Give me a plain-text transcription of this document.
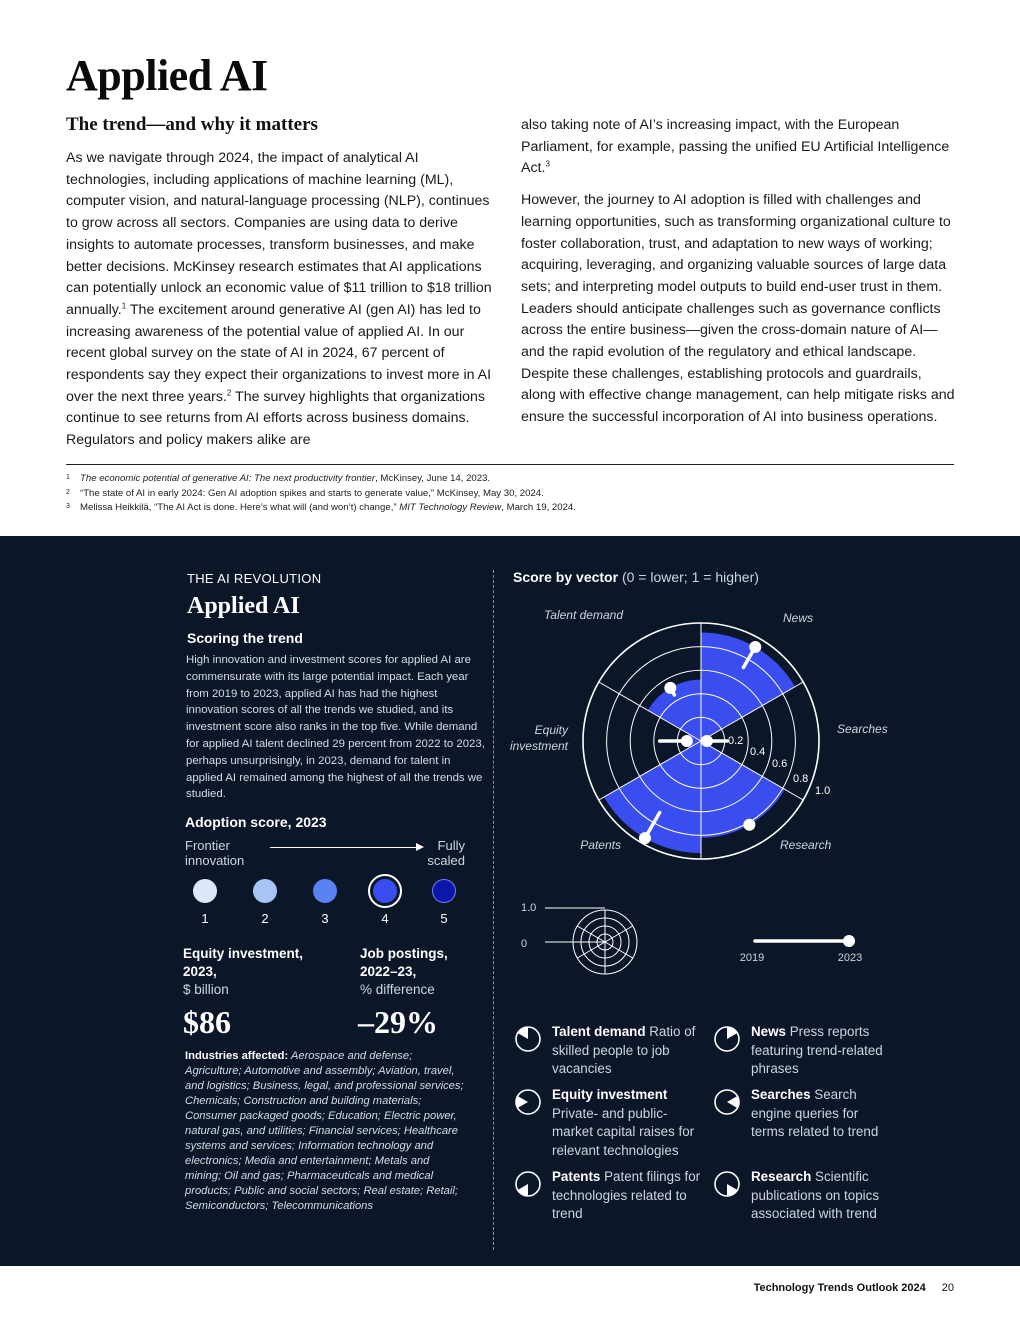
Applied AI
The trend—and why it matters

As we navigate through 2024, the impact of analytical AI technologies, including applications of machine learning (ML), computer vision, and natural-language processing (NLP), continues to grow across all sectors. Companies are using data to derive insights to automate processes, transform businesses, and make better decisions. McKinsey research estimates that AI applications can potentially unlock an economic value of $11 trillion to $18 trillion annually.$^1$ The excitement around generative AI (gen AI) has led to increasing awareness of the potential value of applied AI. In our recent global survey on the state of AI in 2024, 67 percent of respondents say they expect their organizations to invest more in AI over the next three years.$^2$ The survey highlights that organizations continue to see returns from AI efforts across business domains. Regulators and policy makers alike are

also taking note of AI’s increasing impact, with the European Parliament, for example, passing the unified EU Artificial Intelligence Act.$^3$

However, the journey to AI adoption is filled with challenges and learning opportunities, such as transforming organizational culture to foster collaboration, trust, and adaptation to new ways of working; acquiring, leveraging, and organizing valuable sources of large data sets; and interpreting model outputs to build end-user trust in them. Leaders should anticipate challenges such as governance conflicts across the entire business—given the cross-domain nature of AI—and the rapid evolution of the regulatory and ethical landscape. Despite these challenges, establishing protocols and guardrails, along with effective change management, can help mitigate risks and ensure the successful incorporation of AI into business operations.

1	The economic potential of generative AI: The next productivity frontier, McKinsey, June 14, 2023.
2	“The state of AI in early 2024: Gen AI adoption spikes and starts to generate value,” McKinsey, May 30, 2024.
3	Melissa Heikkilä, “The AI Act is done. Here’s what will (and won’t) change,” MIT Technology Review, March 19, 2024.
THE AI REVOLUTION
Applied AI
Scoring the trend
High innovation and investment scores for applied AI are commensurate with its large potential impact. Each year from 2019 to 2023, applied AI has had the highest innovation scores of all the trends we studied, and its investment score also ranks in the top five. While demand for applied AI talent declined 29 percent from 2022 to 2023, perhaps unsurprisingly, in 2023, demand for talent in applied AI remained among the highest of all the trends we studied.
Adoption score, 2023
Frontier
innovation
Fully
scaled
1	2	3	4	5
Equity investment,
2023,
$ billion
$86
Job postings,
2022–23,
% difference
–29%
Industries affected: Aerospace and defense; Agriculture; Automotive and assembly; Aviation, travel, and logistics; Business, legal, and professional services; Chemicals; Construction and building materials; Consumer packaged goods; Education; Electric power, natural gas, and utilities; Financial services; Healthcare systems and services; Information technology and electronics; Media and entertainment; Metals and mining; Oil and gas; Pharmaceuticals and medical products; Public and social sectors; Real estate; Retail; Semiconductors; Telecommunications
Score by vector (0 = lower; 1 = higher)
0.2
0.4
0.6
0.8
1.0
News
Searches
Research
Patents
Equity
investment
Talent demand
1.0
0
2019	2023
Talent demand Ratio of skilled people to job vacancies
News Press reports featuring trend-related phrases
Equity investment Private- and public-market capital raises for relevant technologies
Searches Search engine queries for terms related to trend
Patents Patent filings for technologies related to trend
Research Scientific publications on topics associated with trend
Technology Trends Outlook 2024 20
